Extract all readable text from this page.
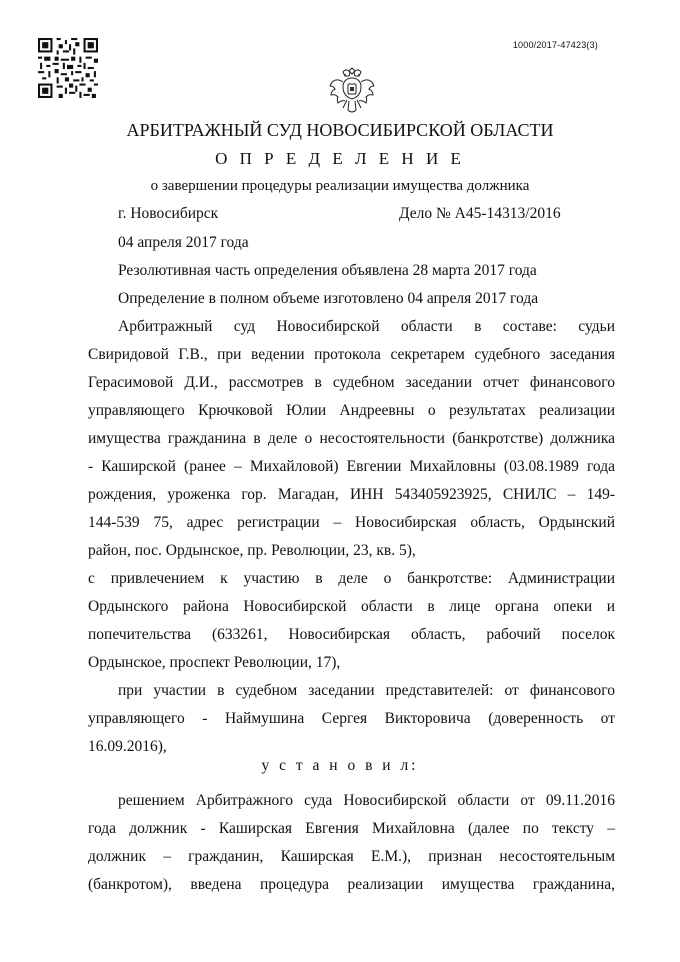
1000/2017-47423(3)
АРБИТРАЖНЫЙ СУД НОВОСИБИРСКОЙ ОБЛАСТИ
О П Р Е Д Е Л Е Н И Е
о завершении процедуры реализации имущества должника
г. Новосибирск	Дело № А45-14313/2016
04 апреля 2017 года
Резолютивная часть определения объявлена 28 марта 2017 года
Определение в полном объеме изготовлено 04 апреля 2017 года
Арбитражный суд Новосибирской области в составе: судьи
Свиридовой Г.В., при ведении протокола секретарем судебного заседания
Герасимовой Д.И., рассмотрев в судебном заседании отчет финансового
управляющего Крючковой Юлии Андреевны о результатах реализации
имущества гражданина в деле о несостоятельности (банкротстве) должника
- Каширской (ранее – Михайловой) Евгении Михайловны (03.08.1989 года
рождения, уроженка гор. Магадан, ИНН 543405923925, СНИЛС – 149-
144-539 75, адрес регистрации – Новосибирская область, Ордынский
район, пос. Ордынское, пр. Революции, 23, кв. 5),
с привлечением к участию в деле о банкротстве: Администрации
Ордынского района Новосибирской области в лице органа опеки и
попечительства (633261, Новосибирская область, рабочий поселок
Ордынское, проспект Революции, 17),
при участии в судебном заседании представителей: от финансового
управляющего - Наймушина Сергея Викторовича (доверенность от
16.09.2016),
у с т а н о в и л:
решением Арбитражного суда Новосибирской области от 09.11.2016
года должник - Каширская Евгения Михайловна (далее по тексту –
должник – гражданин, Каширская Е.М.), признан несостоятельным
(банкротом), введена процедура реализации имущества гражданина,
